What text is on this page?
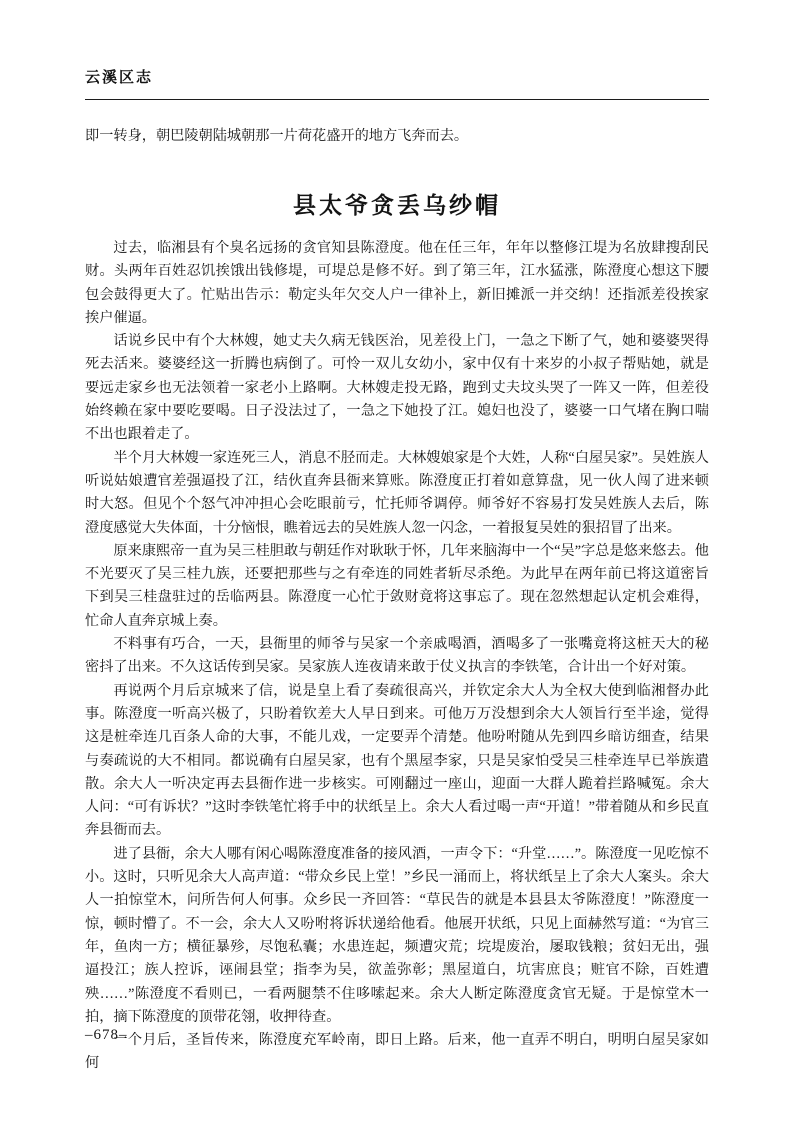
云溪区志
即一转身，朝巴陵朝陆城朝那一片荷花盛开的地方飞奔而去。
县太爷贪丢乌纱帽

过去，临湘县有个臭名远扬的贪官知县陈澄度。他在任三年，年年以整修江堤为名放肆搜刮民财。头两年百姓忍饥挨饿出钱修堤，可堤总是修不好。到了第三年，江水猛涨，陈澄度心想这下腰包会鼓得更大了。忙贴出告示：勒定头年欠交人户一律补上，新旧摊派一并交纳！还指派差役挨家挨户催逼。

话说乡民中有个大林嫂，她丈夫久病无钱医治，见差役上门，一急之下断了气，她和婆婆哭得死去活来。婆婆经这一折腾也病倒了。可怜一双儿女幼小，家中仅有十来岁的小叔子帮贴她，就是要远走家乡也无法领着一家老小上路啊。大林嫂走投无路，跑到丈夫坟头哭了一阵又一阵，但差役始终赖在家中要吃要喝。日子没法过了，一急之下她投了江。媳妇也没了，婆婆一口气堵在胸口喘不出也跟着走了。

半个月大林嫂一家连死三人，消息不胫而走。大林嫂娘家是个大姓，人称“白屋吴家”。吴姓族人听说姑娘遭官差强逼投了江，结伙直奔县衙来算账。陈澄度正打着如意算盘，见一伙人闯了进来顿时大怒。但见个个怒气冲冲担心会吃眼前亏，忙托师爷调停。师爷好不容易打发吴姓族人去后，陈澄度感觉大失体面，十分恼恨，瞧着远去的吴姓族人忽一闪念，一着报复吴姓的狠招冒了出来。

原来康熙帝一直为吴三桂胆敢与朝廷作对耿耿于怀，几年来脑海中一个“吴”字总是悠来悠去。他不光要灭了吴三桂九族，还要把那些与之有牵连的同姓者斩尽杀绝。为此早在两年前已将这道密旨下到吴三桂盘驻过的岳临两县。陈澄度一心忙于敛财竟将这事忘了。现在忽然想起认定机会难得，忙命人直奔京城上奏。

不料事有巧合，一天，县衙里的师爷与吴家一个亲戚喝酒，酒喝多了一张嘴竟将这桩天大的秘密抖了出来。不久这话传到吴家。吴家族人连夜请来敢于仗义执言的李铁笔，合计出一个好对策。

再说两个月后京城来了信，说是皇上看了奏疏很高兴，并钦定余大人为全权大使到临湘督办此事。陈澄度一听高兴极了，只盼着钦差大人早日到来。可他万万没想到余大人领旨行至半途，觉得这是桩牵连几百条人命的大事，不能儿戏，一定要弄个清楚。他吩咐随从先到四乡暗访细查，结果与奏疏说的大不相同。都说确有白屋吴家，也有个黑屋李家，只是吴家怕受吴三桂牵连早已举族遣散。余大人一听决定再去县衙作进一步核实。可刚翻过一座山，迎面一大群人跪着拦路喊冤。余大人问：“可有诉状？”这时李铁笔忙将手中的状纸呈上。余大人看过喝一声“开道！”带着随从和乡民直奔县衙而去。

进了县衙，余大人哪有闲心喝陈澄度准备的接风酒，一声令下：“升堂……”。陈澄度一见吃惊不小。这时，只听见余大人高声道：“带众乡民上堂！”乡民一涌而上，将状纸呈上了余大人案头。余大人一拍惊堂木，问所告何人何事。众乡民一齐回答：“草民告的就是本县县太爷陈澄度！”陈澄度一惊，顿时懵了。不一会，余大人又吩咐将诉状递给他看。他展开状纸，只见上面赫然写道：“为官三年，鱼肉一方；横征暴殄，尽饱私囊；水患连起，频遭灾荒；垸堤废治，屡取钱粮；贫妇无出，强逼投江；族人控诉，诬闹县堂；指李为吴，欲盖弥彰；黑屋道白，坑害庶良；赃官不除，百姓遭殃……”陈澄度不看则已，一看两腿禁不住哆嗦起来。余大人断定陈澄度贪官无疑。于是惊堂木一拍，摘下陈澄度的顶带花翎，收押待查。

一个月后，圣旨传来，陈澄度充军岭南，即日上路。后来，他一直弄不明白，明明白屋吴家如何

–678–
